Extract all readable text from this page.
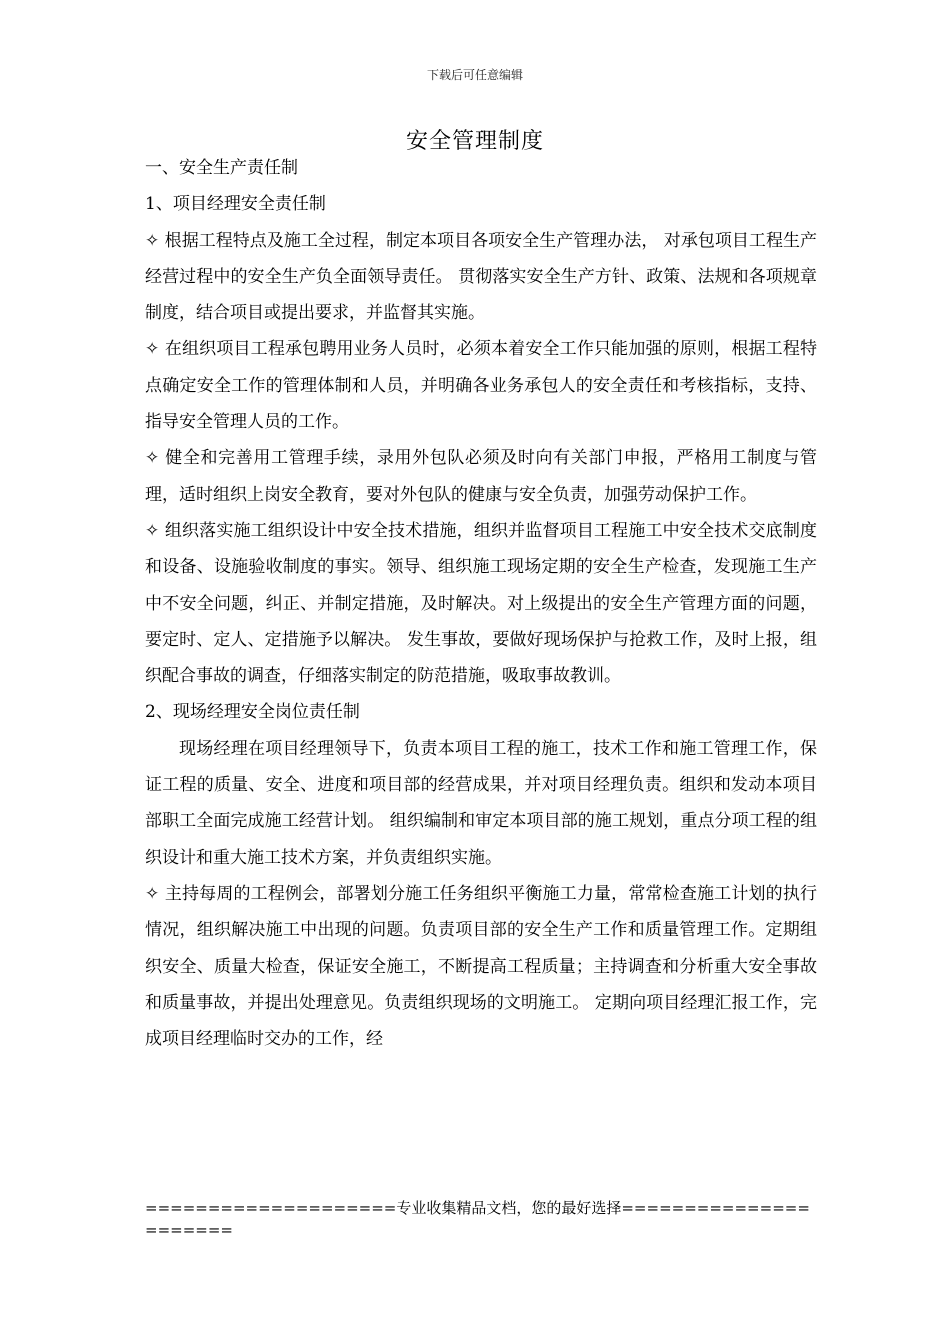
下载后可任意编辑
安全管理制度

一、安全生产责任制

1、项目经理安全责任制

✧ 根据工程特点及施工全过程，制定本项目各项安全生产管理办法， 对承包项目工程生产经营过程中的安全生产负全面领导责任。 贯彻落实安全生产方针、政策、法规和各项规章制度，结合项目或提出要求，并监督其实施。

✧ 在组织项目工程承包聘用业务人员时，必须本着安全工作只能加强的原则，根据工程特点确定安全工作的管理体制和人员，并明确各业务承包人的安全责任和考核指标，支持、指导安全管理人员的工作。

✧ 健全和完善用工管理手续，录用外包队必须及时向有关部门申报，严格用工制度与管理，适时组织上岗安全教育，要对外包队的健康与安全负责，加强劳动保护工作。

✧ 组织落实施工组织设计中安全技术措施，组织并监督项目工程施工中安全技术交底制度和设备、设施验收制度的事实。领导、组织施工现场定期的安全生产检查，发现施工生产中不安全问题，纠正、并制定措施，及时解决。对上级提出的安全生产管理方面的问题，要定时、定人、定措施予以解决。 发生事故，要做好现场保护与抢救工作，及时上报，组织配合事故的调查，仔细落实制定的防范措施，吸取事故教训。

2、现场经理安全岗位责任制

现场经理在项目经理领导下，负责本项目工程的施工，技术工作和施工管理工作，保证工程的质量、安全、进度和项目部的经营成果，并对项目经理负责。组织和发动本项目部职工全面完成施工经营计划。 组织编制和审定本项目部的施工规划，重点分项工程的组织设计和重大施工技术方案，并负责组织实施。

✧ 主持每周的工程例会，部署划分施工任务组织平衡施工力量，常常检查施工计划的执行情况，组织解决施工中出现的问题。负责项目部的安全生产工作和质量管理工作。定期组织安全、质量大检查，保证安全施工，不断提高工程质量；主持调查和分析重大安全事故和质量事故，并提出处理意见。负责组织现场的文明施工。 定期向项目经理汇报工作，完成项目经理临时交办的工作，经

====================专业收集精品文档，您的最好选择======================
